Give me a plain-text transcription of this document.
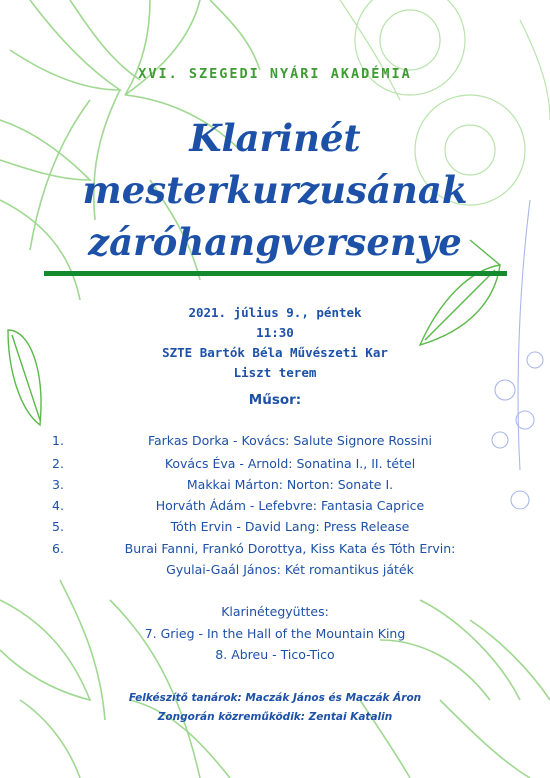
XVI. SZEGEDI NYÁRI AKADÉMIA
Klarinét
mesterkurzusának
záróhangversenye
2021. július 9., péntek
11:30
SZTE Bartók Béla Művészeti Kar
Liszt terem
Műsor:
1.	Farkas Dorka - Kovács: Salute Signore Rossini
2.	Kovács Éva - Arnold: Sonatina I., II. tétel
3.	Makkai Márton: Norton: Sonate I.
4.	Horváth Ádám - Lefebvre: Fantasia Caprice
5.	Tóth Ervin - David Lang: Press Release
6.	Burai Fanni, Frankó Dorottya, Kiss Kata és Tóth Ervin:
Gyulai-Gaál János: Két romantikus játék
Klarinétegyüttes:
7. Grieg - In the Hall of the Mountain King
8. Abreu - Tico-Tico
Felkészítő tanárok: Maczák János és Maczák Áron
Zongorán közreműködik: Zentai Katalin
